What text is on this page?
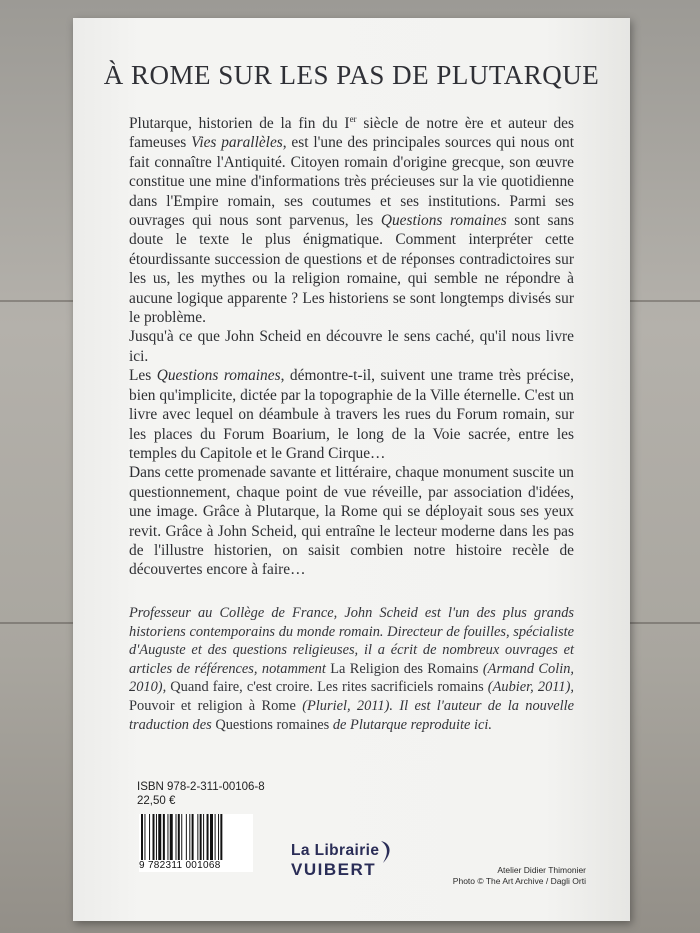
À ROME SUR LES PAS DE PLUTARQUE

Plutarque, historien de la fin du Ier siècle de notre ère et auteur des fameuses Vies parallèles, est l'une des principales sources qui nous ont fait connaître l'Antiquité. Citoyen romain d'origine grecque, son œuvre constitue une mine d'informations très précieuses sur la vie quotidienne dans l'Empire romain, ses coutumes et ses institutions. Parmi ses ouvrages qui nous sont parvenus, les Questions romaines sont sans doute le texte le plus énigmatique. Comment interpréter cette étourdissante succession de questions et de réponses contradictoires sur les us, les mythes ou la religion romaine, qui semble ne répondre à aucune logique apparente ? Les historiens se sont longtemps divisés sur le problème.

Jusqu'à ce que John Scheid en découvre le sens caché, qu'il nous livre ici.

Les Questions romaines, démontre-t-il, suivent une trame très précise, bien qu'implicite, dictée par la topographie de la Ville éternelle. C'est un livre avec lequel on déambule à travers les rues du Forum romain, sur les places du Forum Boarium, le long de la Voie sacrée, entre les temples du Capitole et le Grand Cirque…

Dans cette promenade savante et littéraire, chaque monument suscite un questionnement, chaque point de vue réveille, par association d'idées, une image. Grâce à Plutarque, la Rome qui se déployait sous ses yeux revit. Grâce à John Scheid, qui entraîne le lecteur moderne dans les pas de l'illustre historien, on saisit combien notre histoire recèle de découvertes encore à faire…

Professeur au Collège de France, John Scheid est l'un des plus grands historiens contemporains du monde romain. Directeur de fouilles, spécialiste d'Auguste et des questions religieuses, il a écrit de nombreux ouvrages et articles de références, notamment La Religion des Romains (Armand Colin, 2010), Quand faire, c'est croire. Les rites sacrificiels romains (Aubier, 2011), Pouvoir et religion à Rome (Pluriel, 2011). Il est l'auteur de la nouvelle traduction des Questions romaines de Plutarque reproduite ici.
ISBN 978-2-311-00106-8
22,50 €
9 782311 001068
La Librairie
VUIBERT	Atelier Didier Thimonier
Photo © The Art Archive / Dagli Orti
